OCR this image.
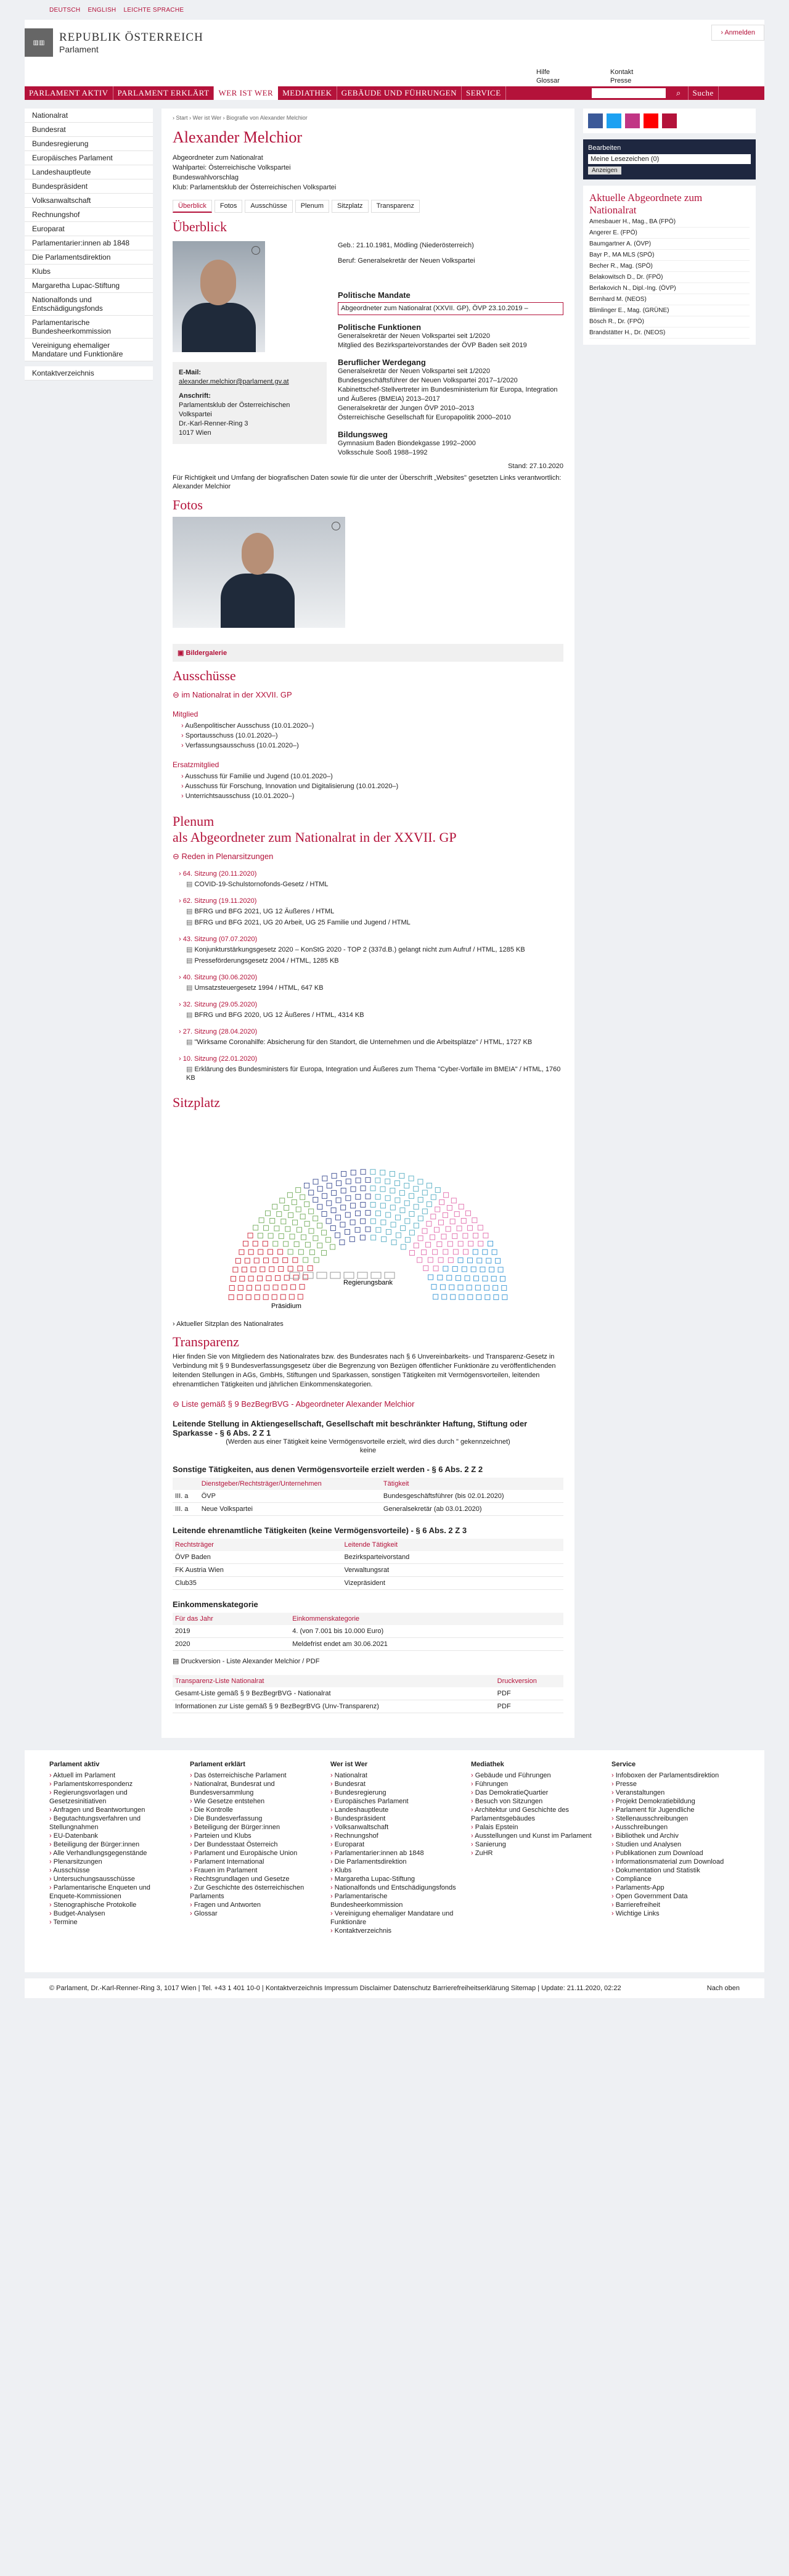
DEUTSCH ENGLISH LEICHTE SPRACHE
▥▥	REPUBLIK ÖSTERREICH
Parlament
› Anmelden
Hilfe	Kontakt
Glossar	Presse
PARLAMENT AKTIV	PARLAMENT ERKLÄRT	WER IST WER	MEDIATHEK	GEBÄUDE UND FÜHRUNGEN	SERVICE	⌕	Suche
Nationalrat
Bundesrat
Bundesregierung
Europäisches Parlament
Landeshauptleute
Bundespräsident
Volksanwaltschaft
Rechnungshof
Europarat
Parlamentarier:innen ab 1848
Die Parlamentsdirektion
Klubs
Margaretha Lupac-Stiftung
Nationalfonds und Entschädigungsfonds
Parlamentarische Bundesheerkommission
Vereinigung ehemaliger Mandatare und Funktionäre
Kontaktverzeichnis
› Start › Wer ist Wer › Biografie von Alexander Melchior
Alexander Melchior
Abgeordneter zum Nationalrat
Wahlpartei: Österreichische Volkspartei
Bundeswahlvorschlag
Klub: Parlamentsklub der Österreichischen Volkspartei
Überblick	Fotos	Ausschüsse	Plenum	Sitzplatz	Transparenz
Überblick
E-Mail:
alexander.melchior@parlament.gv.at
Anschrift:
Parlamentsklub der Österreichischen
Volkspartei
Dr.-Karl-Renner-Ring 3
1017 Wien
Geb.: 21.10.1981, Mödling (Niederösterreich)
Beruf: Generalsekretär der Neuen Volkspartei
Politische Mandate
Abgeordneter zum Nationalrat (XXVII. GP), ÖVP 23.10.2019 –
Politische Funktionen
Generalsekretär der Neuen Volkspartei seit 1/2020
Mitglied des Bezirksparteivorstandes der ÖVP Baden seit 2019
Beruflicher Werdegang
Generalsekretär der Neuen Volkspartei seit 1/2020
Bundesgeschäftsführer der Neuen Volkspartei 2017–1/2020
Kabinettschef-Stellvertreter im Bundesministerium für Europa, Integration und Äußeres (BMEIA) 2013–2017
Generalsekretär der Jungen ÖVP 2010–2013
Österreichische Gesellschaft für Europapolitik 2000–2010
Bildungsweg
Gymnasium Baden Biondekgasse 1992–2000
Volksschule Sooß 1988–1992
Stand: 27.10.2020
Für Richtigkeit und Umfang der biografischen Daten sowie für die unter der Überschrift „Websites" gesetzten Links verantwortlich: Alexander Melchior
Fotos
▣ Bildergalerie
Ausschüsse
⊖ im Nationalrat in der XXVII. GP
Mitglied
› Außenpolitischer Ausschuss (10.01.2020–)
› Sportausschuss (10.01.2020–)
› Verfassungsausschuss (10.01.2020–)
Ersatzmitglied
› Ausschuss für Familie und Jugend (10.01.2020–)
› Ausschuss für Forschung, Innovation und Digitalisierung (10.01.2020–)
› Unterrichtsausschuss (10.01.2020–)
Plenum
als Abgeordneter zum Nationalrat in der XXVII. GP
⊖ Reden in Plenarsitzungen
› 64. Sitzung (20.11.2020)
▤ COVID-19-Schulstornofonds-Gesetz / HTML
› 62. Sitzung (19.11.2020)
▤ BFRG und BFG 2021, UG 12 Äußeres / HTML
▤ BFRG und BFG 2021, UG 20 Arbeit, UG 25 Familie und Jugend / HTML
› 43. Sitzung (07.07.2020)
▤ Konjunkturstärkungsgesetz 2020 – KonStG 2020 - TOP 2 (337d.B.) gelangt nicht zum Aufruf / HTML, 1285 KB
▤ Presseförderungsgesetz 2004 / HTML, 1285 KB
› 40. Sitzung (30.06.2020)
▤ Umsatzsteuergesetz 1994 / HTML, 647 KB
› 32. Sitzung (29.05.2020)
▤ BFRG und BFG 2020, UG 12 Äußeres / HTML, 4314 KB
› 27. Sitzung (28.04.2020)
▤ "Wirksame Coronahilfe: Absicherung für den Standort, die Unternehmen und die Arbeitsplätze" / HTML, 1727 KB
› 10. Sitzung (22.01.2020)
▤ Erklärung des Bundesministers für Europa, Integration und Äußeres zum Thema "Cyber-Vorfälle im BMEIA" / HTML, 1760 KB
Sitzplatz
Regierungsbank
Präsidium
› Aktueller Sitzplan des Nationalrates
Transparenz
Hier finden Sie von Mitgliedern des Nationalrates bzw. des Bundesrates nach § 6 Unvereinbarkeits- und Transparenz-Gesetz in Verbindung mit § 9 Bundesverfassungsgesetz über die Begrenzung von Bezügen öffentlicher Funktionäre zu veröffentlichenden leitenden Stellungen in AGs, GmbHs, Stiftungen und Sparkassen, sonstigen Tätigkeiten mit Vermögensvorteilen, leitenden ehrenamtlichen Tätigkeiten und jährlichen Einkommenskategorien.
⊖ Liste gemäß § 9 BezBegrBVG - Abgeordneter Alexander Melchior
Leitende Stellung in Aktiengesellschaft, Gesellschaft mit beschränkter Haftung, Stiftung oder Sparkasse - § 6 Abs. 2 Z 1
(Werden aus einer Tätigkeit keine Vermögensvorteile erzielt, wird dies durch " gekennzeichnet)
keine
Sonstige Tätigkeiten, aus denen Vermögensvorteile erzielt werden - § 6 Abs. 2 Z 2
	Dienstgeber/Rechtsträger/Unternehmen	Tätigkeit
III. a	ÖVP	Bundesgeschäftsführer (bis 02.01.2020)
III. a	Neue Volkspartei	Generalsekretär (ab 03.01.2020)
Leitende ehrenamtliche Tätigkeiten (keine Vermögensvorteile) - § 6 Abs. 2 Z 3
Rechtsträger	Leitende Tätigkeit
ÖVP Baden	Bezirksparteivorstand
FK Austria Wien	Verwaltungsrat
Club35	Vizepräsident
Einkommenskategorie
Für das Jahr	Einkommenskategorie
2019	4. (von 7.001 bis 10.000 Euro)
2020	Meldefrist endet am 30.06.2021
▤ Druckversion - Liste Alexander Melchior / PDF
Transparenz-Liste Nationalrat	Druckversion
Gesamt-Liste gemäß § 9 BezBegrBVG - Nationalrat	PDF
Informationen zur Liste gemäß § 9 BezBegrBVG (Unv-Transparenz)	PDF
Bearbeiten
Meine Lesezeichen (0)
Anzeigen
Aktuelle Abgeordnete zum Nationalrat
Amesbauer H., Mag., BA (FPÖ)
Angerer E. (FPÖ)
Baumgartner A. (ÖVP)
Bayr P., MA MLS (SPÖ)
Becher R., Mag. (SPÖ)
Belakowitsch D., Dr. (FPÖ)
Berlakovich N., Dipl.-Ing. (ÖVP)
Bernhard M. (NEOS)
Blimlinger E., Mag. (GRÜNE)
Bösch R., Dr. (FPÖ)
Brandstätter H., Dr. (NEOS)
Parlament aktiv
› Aktuell im Parlament
› Parlamentskorrespondenz
› Regierungsvorlagen und Gesetzesinitiativen
› Anfragen und Beantwortungen
› Begutachtungsverfahren und Stellungnahmen
› EU-Datenbank
› Beteiligung der Bürger:innen
› Alle Verhandlungsgegenstände
› Plenarsitzungen
› Ausschüsse
› Untersuchungsausschüsse
› Parlamentarische Enqueten und Enquete-Kommissionen
› Stenographische Protokolle
› Budget-Analysen
› Termine
Parlament erklärt
› Das österreichische Parlament
› Nationalrat, Bundesrat und Bundesversammlung
› Wie Gesetze entstehen
› Die Kontrolle
› Die Bundesverfassung
› Beteiligung der Bürger:innen
› Parteien und Klubs
› Der Bundesstaat Österreich
› Parlament und Europäische Union
› Parlament International
› Frauen im Parlament
› Rechtsgrundlagen und Gesetze
› Zur Geschichte des österreichischen Parlaments
› Fragen und Antworten
› Glossar
Wer ist Wer
› Nationalrat
› Bundesrat
› Bundesregierung
› Europäisches Parlament
› Landeshauptleute
› Bundespräsident
› Volksanwaltschaft
› Rechnungshof
› Europarat
› Parlamentarier:innen ab 1848
› Die Parlamentsdirektion
› Klubs
› Margaretha Lupac-Stiftung
› Nationalfonds und Entschädigungsfonds
› Parlamentarische Bundesheerkommission
› Vereinigung ehemaliger Mandatare und Funktionäre
› Kontaktverzeichnis
Mediathek
› Gebäude und Führungen
› Führungen
› Das DemokratieQuartier
› Besuch von Sitzungen
› Architektur und Geschichte des Parlamentsgebäudes
› Palais Epstein
› Ausstellungen und Kunst im Parlament
› Sanierung
› ZuHR
Service
› Infoboxen der Parlamentsdirektion
› Presse
› Veranstaltungen
› Projekt Demokratiebildung
› Parlament für Jugendliche
› Stellenausschreibungen
› Ausschreibungen
› Bibliothek und Archiv
› Studien und Analysen
› Publikationen zum Download
› Informationsmaterial zum Download
› Dokumentation und Statistik
› Compliance
› Parlaments-App
› Open Government Data
› Barrierefreiheit
› Wichtige Links
© Parlament, Dr.-Karl-Renner-Ring 3, 1017 Wien | Tel. +43 1 401 10-0 | Kontaktverzeichnis Impressum Disclaimer Datenschutz Barrierefreiheitserklärung Sitemap | Update: 21.11.2020, 02:22	Nach oben
